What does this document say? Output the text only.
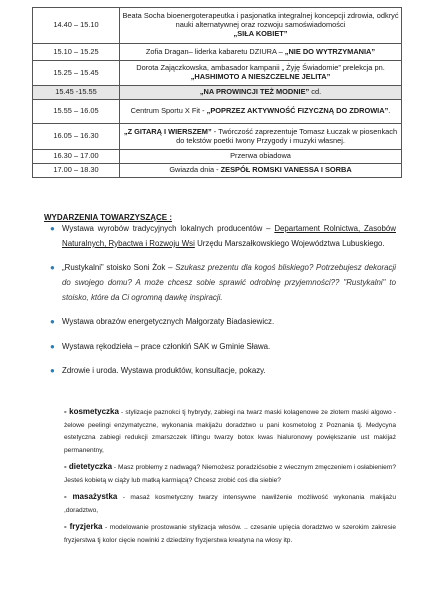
14.40 – 15.10	Beata Socha bioenergoterapeutka i pasjonatka integralnej koncepcji zdrowia, odkryć nauki alternatywnej oraz rozwoju samoświadomości
„SIŁA KOBIET”
15.10 – 15.25	Zofia Dragan– liderka kabaretu DZIURA – „NIE DO WYTRZYMANIA”
15.25 – 15.45	Dorota Zajączkowska, ambasador kampanii „ Żyję Świadomie” prelekcja pn. „HASHIMOTO A NIESZCZELNE JELITA”
15.45 -15.55	„NA PROWINCJI TEŻ MODNIE” cd.
15.55 – 16.05	Centrum Sportu X Fit - „POPRZEZ AKTYWNOŚĆ FIZYCZNĄ DO ZDROWIA”.
16.05 – 16.30	„Z GITARĄ I WIERSZEM” - Twórczość zaprezentuje Tomasz Łuczak w piosenkach do tekstów poetki Iwony Przygody i muzyki własnej.
16.30 – 17.00	Przerwa obiadowa
17.00 – 18.30	Gwiazda dnia - ZESPÓŁ ROMSKI VANESSA I SORBA
WYDARZENIA TOWARZYSZĄCE :
● Wystawa wyrobów tradycyjnych lokalnych producentów – Departament Rolnictwa, Zasobów Naturalnych, Rybactwa i Rozwoju Wsi Urzędu Marszałkowskiego Województwa Lubuskiego.
● „Rustykalni” stoisko Soni Żok – Szukasz prezentu dla kogoś bliskiego? Potrzebujesz dekoracji do swojego domu? A może chcesz sobie sprawić odrobinę przyjemności?? "Rustykalni" to stoisko, które da Ci ogromną dawkę inspiracji.
● Wystawa obrazów energetycznych Małgorzaty Biadasiewicz.
● Wystawa rękodzieła – prace członkiń SAK w Gminie Sława.
● Zdrowie i uroda. Wystawa produktów, konsultacje, pokazy.
- kosmetyczka - stylizacje paznokci tj hybrydy, zabiegi na twarz maski kolagenowe ze złotem maski algowo - żelowe peelingi enzymatyczne, wykonania makijażu doradztwo u pani kosmetolog z Poznania tj. Medycyna estetyczna zabiegi redukcji zmarszczek liftingu twarzy botox kwas hialuronowy powiększanie ust makijaż permanentny,
- dietetyczka - Masz problemy z nadwagą? Niemożesz poradzićsobie z wiecznym zmęczeniem i osłabieniem? Jesteś kobietą w ciąży lub matką karmiącą? Chcesz zrobić coś dla siebie?
- masażystka - masaż kosmetyczny twarzy intensywne nawilżenie możliwość wykonania makijażu ,doradztwo,
- fryzjerka - modelowanie prostowanie stylizacja włosów. .. czesanie upięcia doradztwo w szerokim zakresie fryzjerstwa tj kolor cięcie nowinki z dziedziny fryzjerstwa kreatyna na włosy itp.
